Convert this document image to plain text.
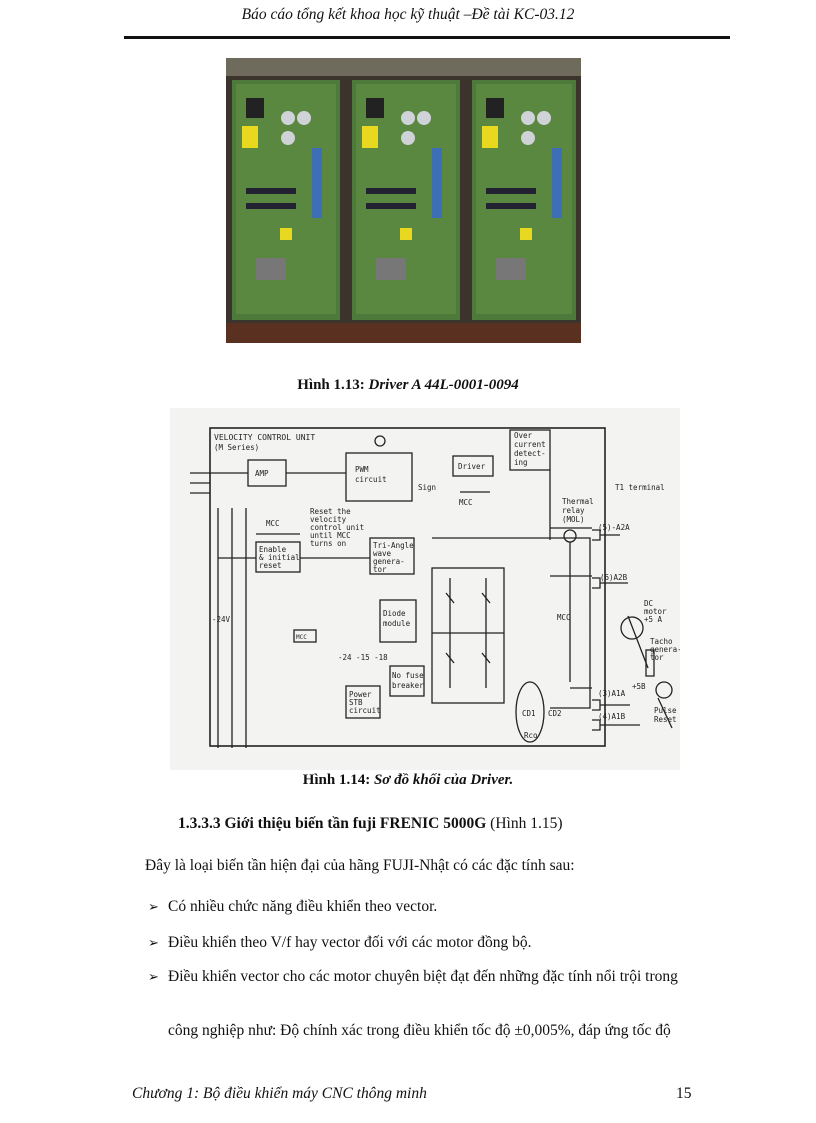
Báo cáo tổng kết khoa học kỹ thuật –Đề tài KC-03.12
Hình 1.13: Driver A 44L-0001-0094
VELOCITY CONTROL UNIT
(M Series)
AMP	PWM
circuit
Driver
MCC
Over
current
detect-
ing
Sign
Reset the
velocity
control unit
until MCC
turns on
MCC
Enable
& initial
reset
Tri-Angle
wave
genera-
tor
Diode
module
-24 -15 -18
Power
STB
circuit
No fuse
breaker
-24V
MCC
T1 terminal
Thermal
relay
(MOL)
(5)-A2A
(6)A2B
DC
motor
+5 A
Tacho
genera-
tor
+5B
Pulse
Reset
(3)A1A
(4)A1B
MCC
CD1 CD2
Rco
Hình 1.14: Sơ đồ khối của Driver.
1.3.3.3 Giới thiệu biến tần fuji FRENIC 5000G (Hình 1.15)
Đây là loại biến tần hiện đại của hãng FUJI-Nhật có các đặc tính sau:
➢ Có nhiều chức năng điều khiển theo vector.
➢ Điều khiển theo V/f hay vector đối với các motor đồng bộ.
➢ Điều khiển vector cho các motor chuyên biệt đạt đến những đặc tính nổi trội trong
công nghiệp như: Độ chính xác trong điều khiển tốc độ ±0,005%, đáp ứng tốc độ
Chương 1: Bộ điều khiển máy CNC thông minh	15
